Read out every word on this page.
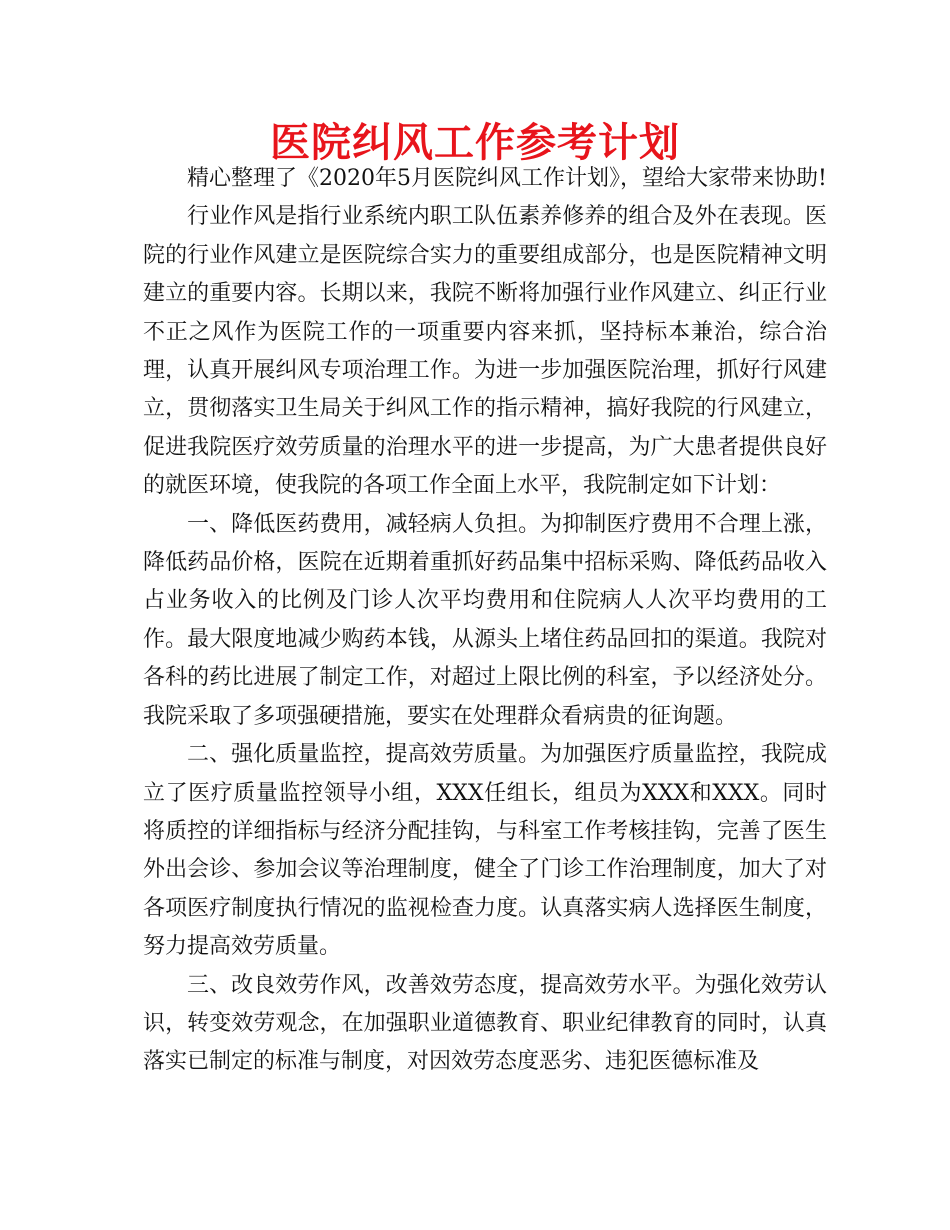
医院纠风工作参考计划

精心整理了《2020年5月医院纠风工作计划》，望给大家带来协助!

行业作风是指行业系统内职工队伍素养修养的组合及外在表现。医院的行业作风建立是医院综合实力的重要组成部分，也是医院精神文明建立的重要内容。长期以来，我院不断将加强行业作风建立、纠正行业不正之风作为医院工作的一项重要内容来抓，坚持标本兼治，综合治理，认真开展纠风专项治理工作。为进一步加强医院治理，抓好行风建立，贯彻落实卫生局关于纠风工作的指示精神，搞好我院的行风建立，促进我院医疗效劳质量的治理水平的进一步提高，为广大患者提供良好的就医环境，使我院的各项工作全面上水平，我院制定如下计划：

一、降低医药费用，减轻病人负担。为抑制医疗费用不合理上涨，降低药品价格，医院在近期着重抓好药品集中招标采购、降低药品收入占业务收入的比例及门诊人次平均费用和住院病人人次平均费用的工作。最大限度地减少购药本钱，从源头上堵住药品回扣的渠道。我院对各科的药比进展了制定工作，对超过上限比例的科室，予以经济处分。我院采取了多项强硬措施，要实在处理群众看病贵的征询题。

二、强化质量监控，提高效劳质量。为加强医疗质量监控，我院成立了医疗质量监控领导小组，XXX任组长，组员为XXX和XXX。同时将质控的详细指标与经济分配挂钩，与科室工作考核挂钩，完善了医生外出会诊、参加会议等治理制度，健全了门诊工作治理制度，加大了对各项医疗制度执行情况的监视检查力度。认真落实病人选择医生制度，努力提高效劳质量。

三、改良效劳作风，改善效劳态度，提高效劳水平。为强化效劳认识，转变效劳观念，在加强职业道德教育、职业纪律教育的同时，认真落实已制定的标准与制度，对因效劳态度恶劣、违犯医德标准及
